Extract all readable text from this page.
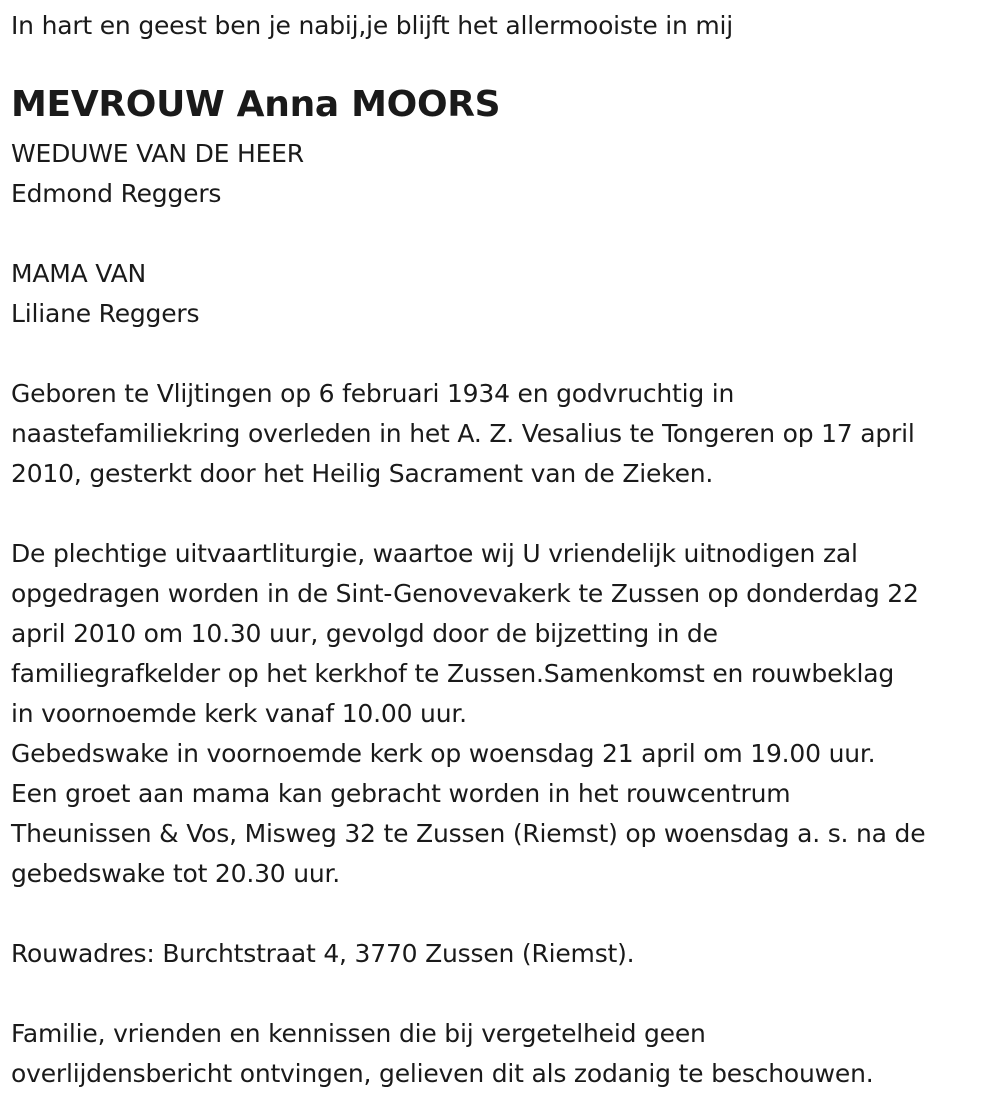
In hart en geest ben je nabij,je blijft het allermooiste in mij
MEVROUW Anna MOORS
WEDUWE VAN DE HEER
Edmond Reggers
MAMA VAN
Liliane Reggers
Geboren te Vlijtingen op 6 februari 1934 en godvruchtig in
naastefamiliekring overleden in het A. Z. Vesalius te Tongeren op 17 april
2010, gesterkt door het Heilig Sacrament van de Zieken.
De plechtige uitvaartliturgie, waartoe wij U vriendelijk uitnodigen zal
opgedragen worden in de Sint-Genovevakerk te Zussen op donderdag 22
april 2010 om 10.30 uur, gevolgd door de bijzetting in de
familiegrafkelder op het kerkhof te Zussen.Samenkomst en rouwbeklag
in voornoemde kerk vanaf 10.00 uur.
Gebedswake in voornoemde kerk op woensdag 21 april om 19.00 uur.
Een groet aan mama kan gebracht worden in het rouwcentrum
Theunissen & Vos, Misweg 32 te Zussen (Riemst) op woensdag a. s. na de
gebedswake tot 20.30 uur.
Rouwadres: Burchtstraat 4, 3770 Zussen (Riemst).
Familie, vrienden en kennissen die bij vergetelheid geen
overlijdensbericht ontvingen, gelieven dit als zodanig te beschouwen.
